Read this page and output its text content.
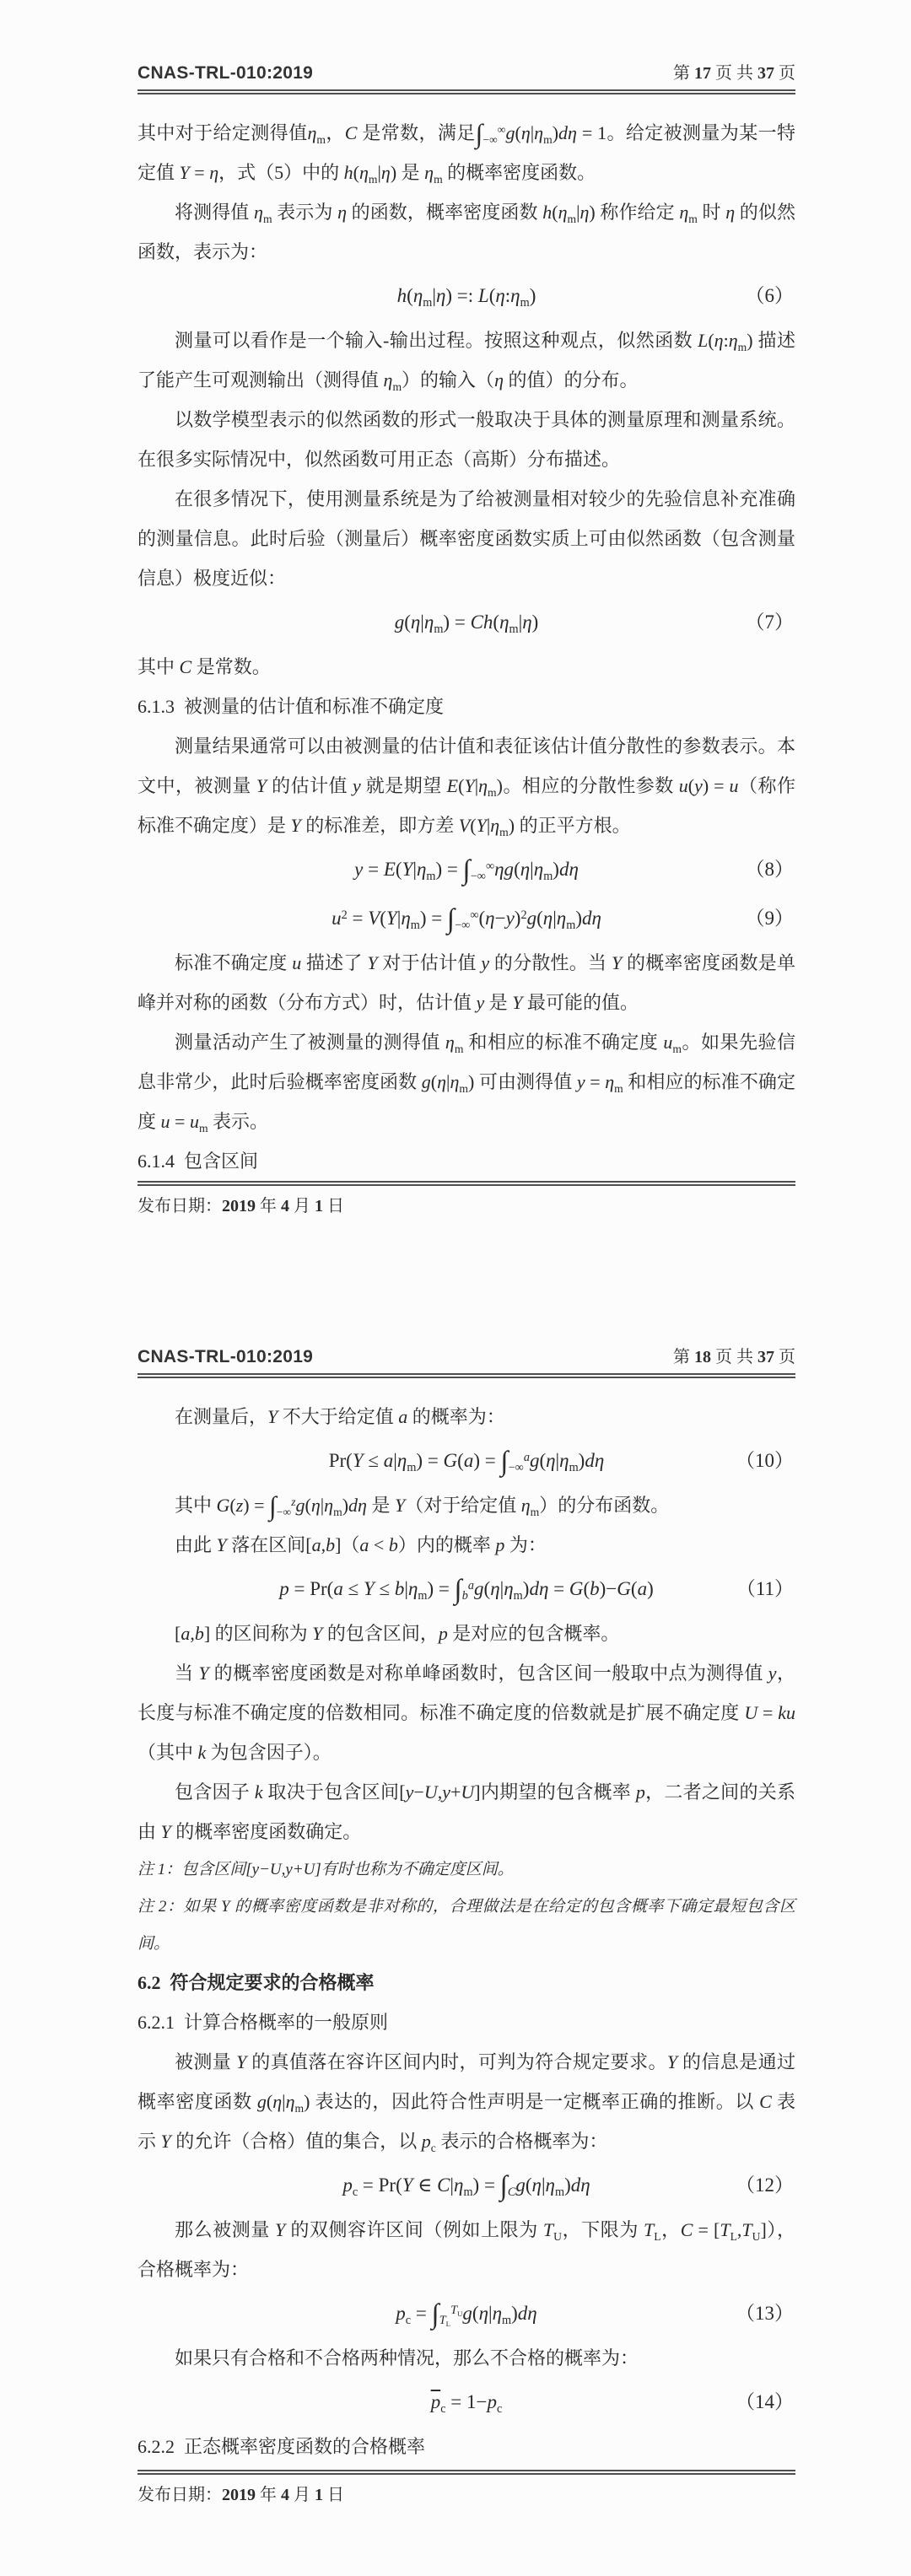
CNAS-TRL-010:2019	第 17 页 共 37 页
其中对于给定测得值$\eta_m$，C 是常数，满足$\int_{-\infty}^\infty g(\eta|\eta_m)d\eta = 1$。给定被测量为某一特定值 Y = η，式（5）中的 $h(\eta_m|\eta)$ 是 $\eta_m$ 的概率密度函数。
将测得值 $\eta_m$ 表示为 η 的函数，概率密度函数 $h(\eta_m|\eta)$ 称作给定 $\eta_m$ 时 η 的似然函数，表示为：
$h(\eta_m|\eta)$ =: $L(\eta:\eta_m)$	（6）
测量可以看作是一个输入-输出过程。按照这种观点，似然函数 $L(\eta:\eta_m)$ 描述了能产生可观测输出（测得值 $\eta_m$）的输入（η 的值）的分布。
以数学模型表示的似然函数的形式一般取决于具体的测量原理和测量系统。在很多实际情况中，似然函数可用正态（高斯）分布描述。
在很多情况下，使用测量系统是为了给被测量相对较少的先验信息补充准确的测量信息。此时后验（测量后）概率密度函数实质上可由似然函数（包含测量信息）极度近似：
$g(\eta|\eta_m) = Ch(\eta_m|\eta)$	（7）
其中 C 是常数。
6.1.3  被测量的估计值和标准不确定度
测量结果通常可以由被测量的估计值和表征该估计值分散性的参数表示。本文中，被测量 Y 的估计值 y 就是期望 $E(Y|\eta_m)$。相应的分散性参数 u(y) = u（称作标准不确定度）是 Y 的标准差，即方差 $V(Y|\eta_m)$ 的正平方根。
$y = E(Y|\eta_m) = \int_{-\infty}^\infty\eta g(\eta|\eta_m)d\eta$	（8）
$u^2 = V(Y|\eta_m) = \int_{-\infty}^\infty(\eta-y)^2g(\eta|\eta_m)d\eta$	（9）
标准不确定度 u 描述了 Y 对于估计值 y 的分散性。当 Y 的概率密度函数是单峰并对称的函数（分布方式）时，估计值 y 是 Y 最可能的值。
测量活动产生了被测量的测得值 $\eta_m$ 和相应的标准不确定度 $u_m$。如果先验信息非常少，此时后验概率密度函数 $g(\eta|\eta_m)$ 可由测得值 $y = \eta_m$ 和相应的标准不确定度 $u = u_m$ 表示。
6.1.4  包含区间
发布日期：2019 年 4 月 1 日
CNAS-TRL-010:2019	第 18 页 共 37 页
在测量后，Y 不大于给定值 a 的概率为：
$Pr(Y \le a|\eta_m) = G(a) = \int_{-\infty}^ag(\eta|\eta_m)d\eta$	（10）
其中 $G(z) = \int_{-\infty}^zg(\eta|\eta_m)d\eta$ 是 Y（对于给定值 $\eta_m$）的分布函数。
由此 Y 落在区间[a,b]（a < b）内的概率 p 为：
$p = Pr(a \le Y \le b|\eta_m) = \int_b^ag(\eta|\eta_m)d\eta = G(b)-G(a)$	（11）
[a,b] 的区间称为 Y 的包含区间，p 是对应的包含概率。
当 Y 的概率密度函数是对称单峰函数时，包含区间一般取中点为测得值 y，长度与标准不确定度的倍数相同。标准不确定度的倍数就是扩展不确定度 U = ku（其中 k 为包含因子）。
包含因子 k 取决于包含区间[y−U,y+U]内期望的包含概率 p，二者之间的关系由 Y 的概率密度函数确定。
注 1：包含区间[y−U,y+U]有时也称为不确定度区间。
注 2：如果 Y 的概率密度函数是非对称的，合理做法是在给定的包含概率下确定最短包含区间。
6.2  符合规定要求的合格概率
6.2.1  计算合格概率的一般原则
被测量 Y 的真值落在容许区间内时，可判为符合规定要求。Y 的信息是通过概率密度函数 $g(\eta|\eta_m)$ 表达的，因此符合性声明是一定概率正确的推断。以 C 表示 Y 的允许（合格）值的集合，以 $p_c$ 表示的合格概率为：
$p_c = Pr(Y$ ∈ $C|\eta_m) = \int_Cg(\eta|\eta_m)d\eta$	（12）
那么被测量 Y 的双侧容许区间（例如上限为 $T_U$，下限为 $T_L$，$C = [T_L,T_U]$），合格概率为：
$p_c = \int_{T_L}^{T_U}g(\eta|\eta_m)d\eta$	（13）
如果只有合格和不合格两种情况，那么不合格的概率为：
$\overline{p}_c = 1-p_c$	（14）
6.2.2  正态概率密度函数的合格概率
发布日期：2019 年 4 月 1 日
